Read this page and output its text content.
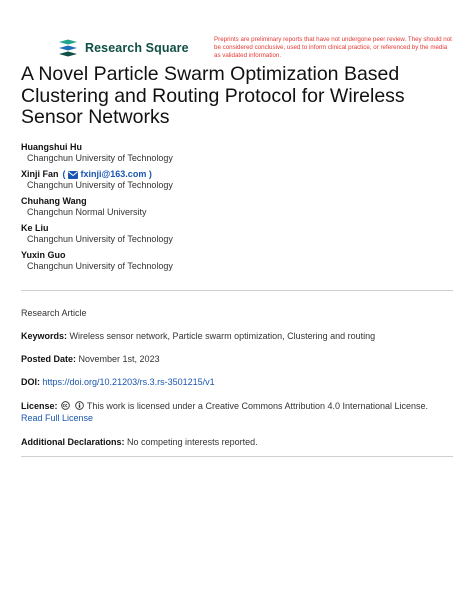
Research Square
Preprints are preliminary reports that have not undergone peer review. They should not be considered conclusive, used to inform clinical practice, or referenced by the media as validated information.
A Novel Particle Swarm Optimization Based Clustering and Routing Protocol for Wireless Sensor Networks
Huangshui Hu
Changchun University of Technology
Xinji Fan ( fxinji@163.com )
Changchun University of Technology
Chuhang Wang
Changchun Normal University
Ke Liu
Changchun University of Technology
Yuxin Guo
Changchun University of Technology
Research Article
Keywords: Wireless sensor network, Particle swarm optimization, Clustering and routing
Posted Date: November 1st, 2023
DOI: https://doi.org/10.21203/rs.3.rs-3501215/v1
License:	This work is licensed under a Creative Commons Attribution 4.0 International License.
Read Full License
Additional Declarations: No competing interests reported.
